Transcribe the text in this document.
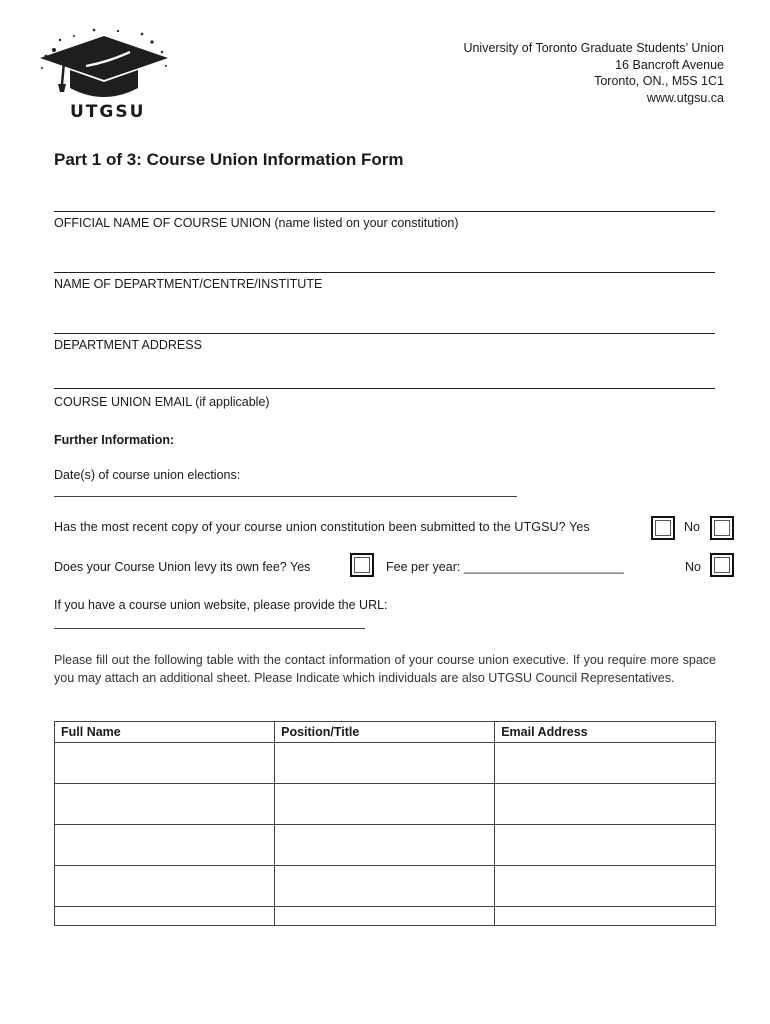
UTGSU
University of Toronto Graduate Students’ Union
16 Bancroft Avenue
Toronto, ON., M5S 1C1
www.utgsu.ca
Part 1 of 3: Course Union Information Form
OFFICIAL NAME OF COURSE UNION (name listed on your constitution)
NAME OF DEPARTMENT/CENTRE/INSTITUTE
DEPARTMENT ADDRESS
COURSE UNION EMAIL (if applicable)
Further Information:
Date(s) of course union elections:
Has the most recent copy of your course union constitution been submitted to the UTGSU? Yes	No
Does your Course Union levy its own fee? Yes	Fee per year: _______________________	No
If you have a course union website, please provide the URL:
Please fill out the following table with the contact information of your course union executive. If you require more space you may attach an additional sheet. Please Indicate which individuals are also UTGSU Council Representatives.
Full Name	Position/Title	Email Address
